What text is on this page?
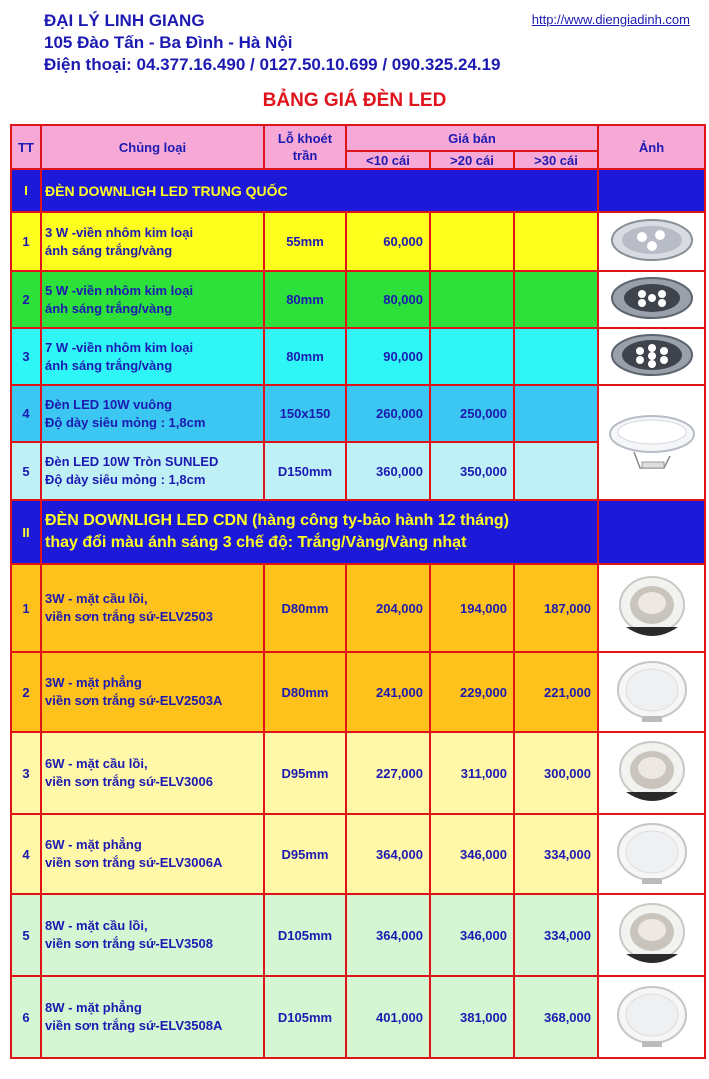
ĐẠI LÝ LINH GIANG
105 Đào Tấn - Ba Đình - Hà Nội
Điện thoại: 04.377.16.490 / 0127.50.10.699 / 090.325.24.19
http://www.diengiadinh.com
BẢNG GIÁ ĐÈN LED
TT	Chủng loại	Lỗ khoét trần	Giá bán			Ảnh
			<10 cái	>20 cái	>30 cái	
I	ĐÈN DOWNLIGH LED TRUNG QUỐC					
1	3 W -viền nhôm kim loại
ánh sáng trắng/vàng	55mm	60,000			
2	5 W -viền nhôm kim loại
ánh sáng trắng/vàng	80mm	80,000			
3	7 W -viền nhôm kim loại
ánh sáng trắng/vàng	80mm	90,000			
4	Đèn LED 10W vuông
Độ dày siêu mỏng : 1,8cm	150x150	260,000	250,000		
5	Đèn LED 10W Tròn SUNLED
Độ dày siêu mỏng : 1,8cm	D150mm	360,000	350,000		
II	ĐÈN DOWNLIGH LED CDN (hàng công ty-bảo hành 12 tháng)
thay đổi màu ánh sáng 3 chế độ: Trắng/Vàng/Vàng nhạt					

1	3W - mặt cầu lồi,
viền sơn trắng sứ-ELV2503	D80mm	204,000	194,000	187,000	
2	3W - mặt phẳng
viền sơn trắng sứ-ELV2503A	D80mm	241,000	229,000	221,000	
3	6W - mặt cầu lồi,
viền sơn trắng sứ-ELV3006	D95mm	227,000	311,000	300,000	
4	6W - mặt phẳng
viền sơn trắng sứ-ELV3006A	D95mm	364,000	346,000	334,000	
5	8W - mặt cầu lồi,
viền sơn trắng sứ-ELV3508	D105mm	364,000	346,000	334,000	
6	8W - mặt phẳng
viền sơn trắng sứ-ELV3508A	D105mm	401,000	381,000	368,000	
